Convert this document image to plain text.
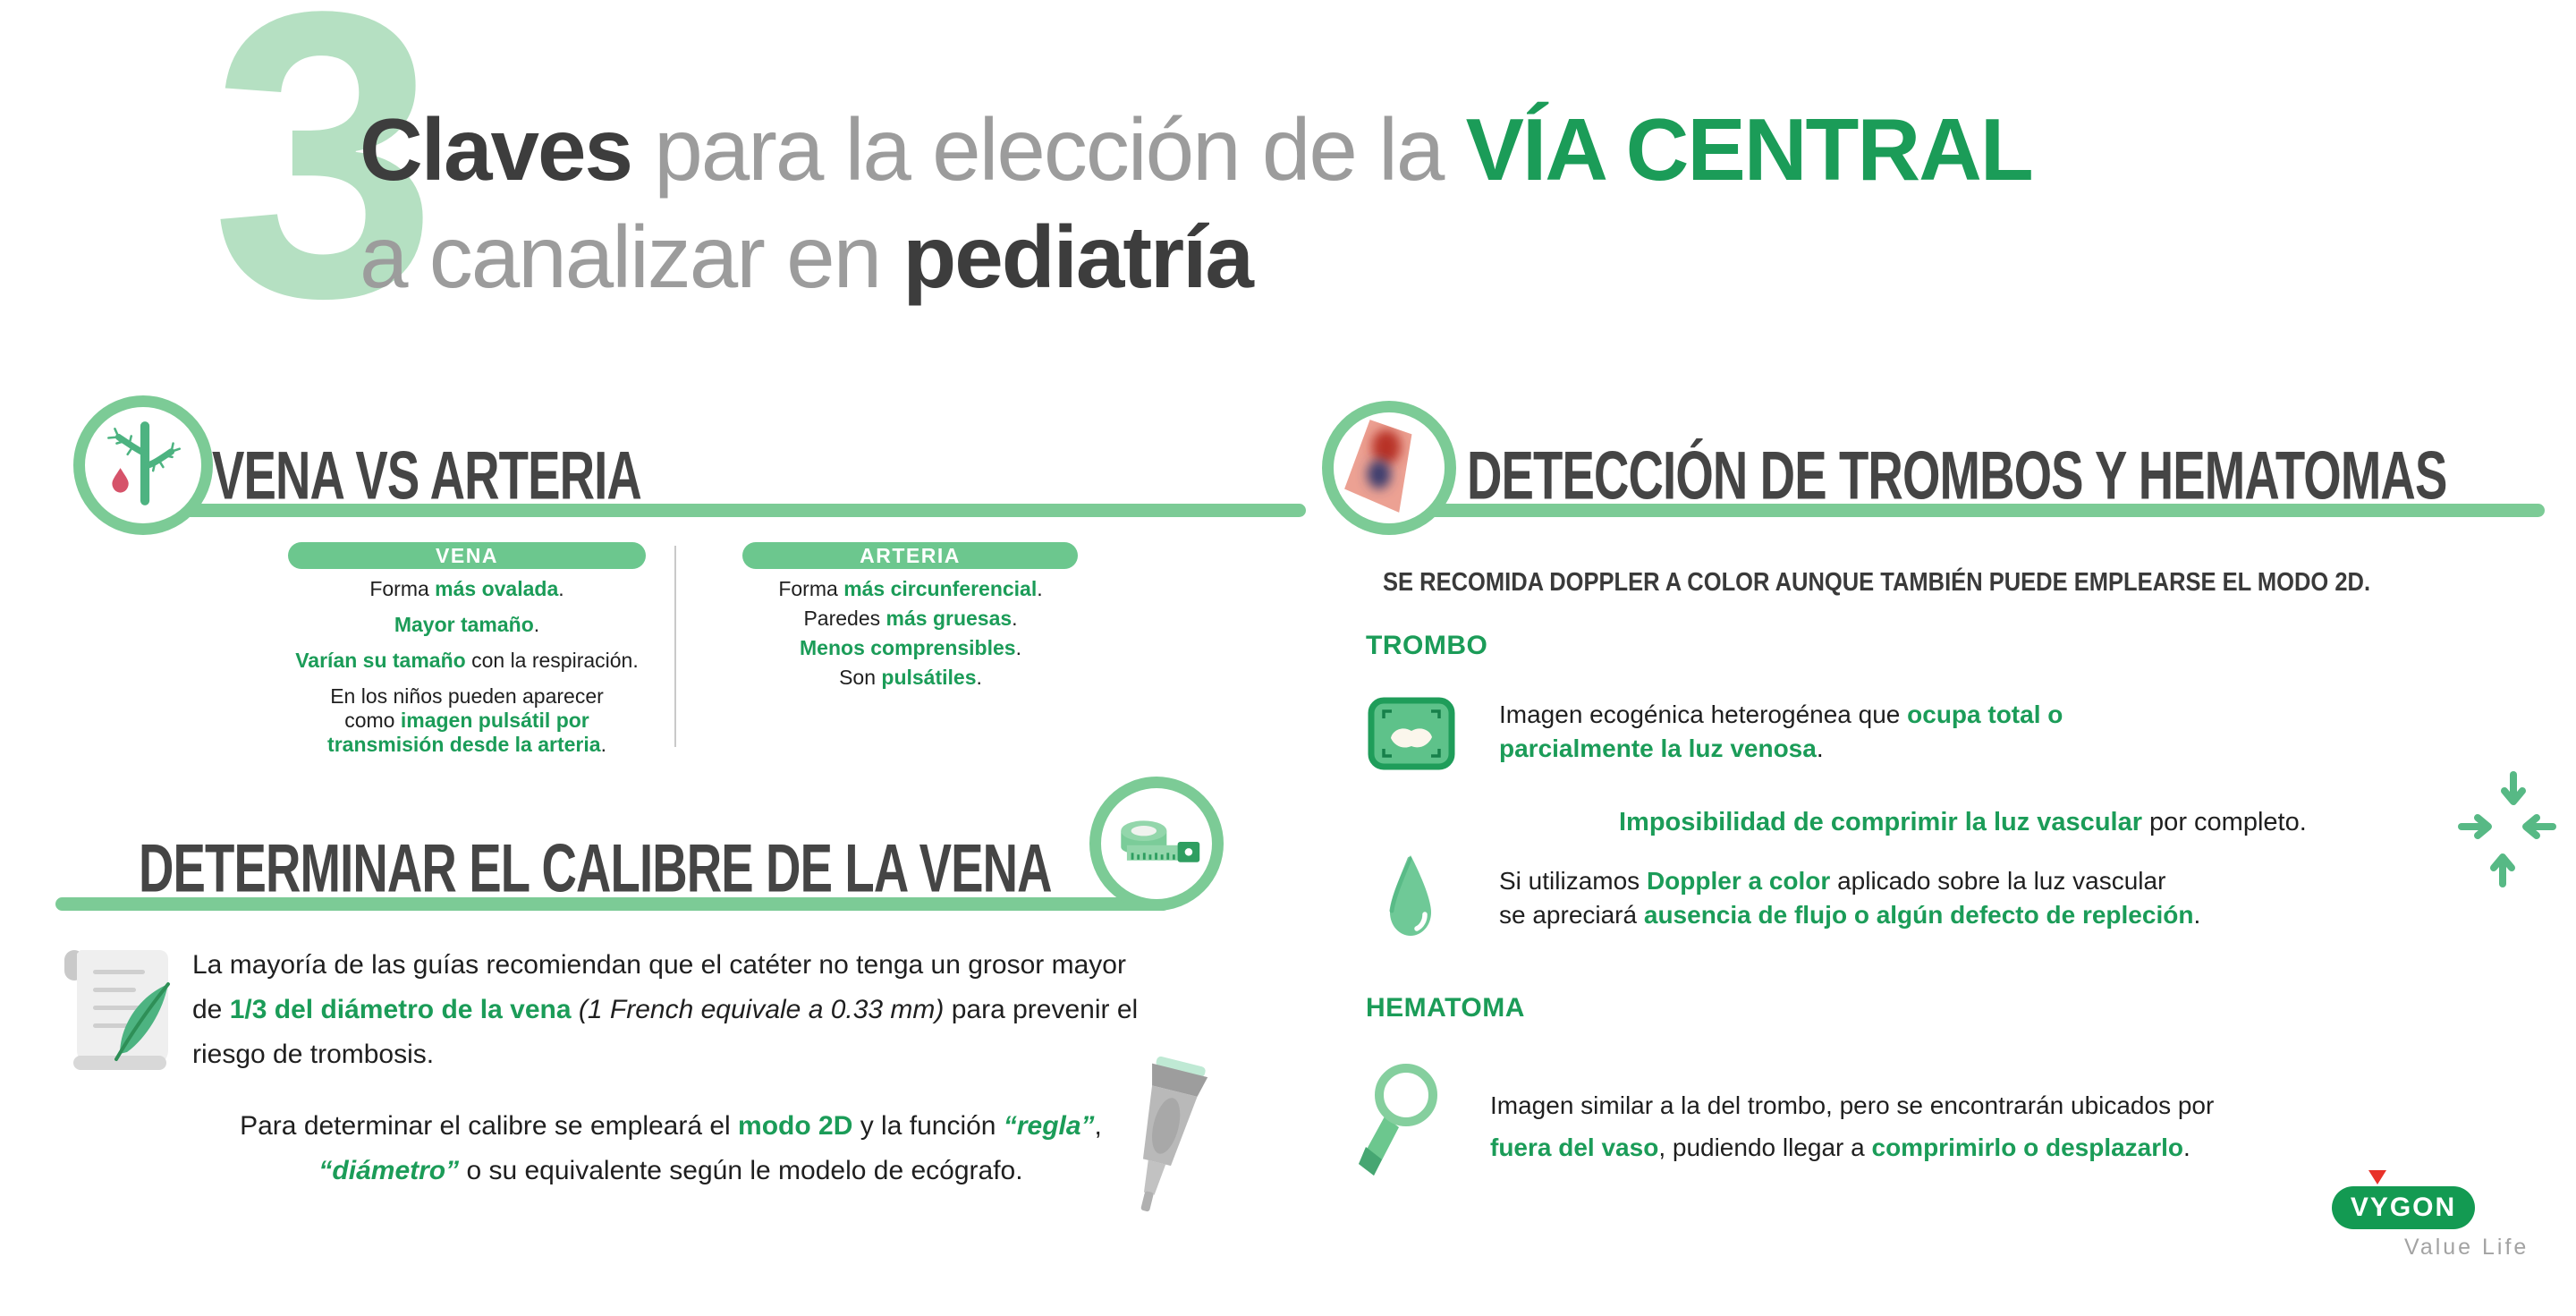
3
Claves para la elección de la VÍA CENTRAL
a canalizar en pediatría
VENA VS ARTERIA
VENA

Forma más ovalada.

Mayor tamaño.

Varían su tamaño con la respiración.

En los niños pueden aparecer
como imagen pulsátil por
transmisión desde la arteria.

ARTERIA

Forma más circunferencial.

Paredes más gruesas.

Menos comprensibles.

Son pulsátiles.

DETERMINAR EL CALIBRE DE LA VENA
La mayoría de las guías recomiendan que el catéter no tenga un grosor mayor
de 1/3 del diámetro de la vena (1 French equivale a 0.33 mm) para prevenir el
riesgo de trombosis.
Para determinar el calibre se empleará el modo 2D y la función “regla”,
“diámetro” o su equivalente según le modelo de ecógrafo.
DETECCIÓN DE TROMBOS Y HEMATOMAS
SE RECOMIDA DOPPLER A COLOR AUNQUE TAMBIÉN PUEDE EMPLEARSE EL MODO 2D.
TROMBO
Imagen ecogénica heterogénea que ocupa total o
parcialmente la luz venosa.
Imposibilidad de comprimir la luz vascular por completo.
Si utilizamos Doppler a color aplicado sobre la luz vascular
se apreciará ausencia de flujo o algún defecto de repleción.
HEMATOMA
Imagen similar a la del trombo, pero se encontrarán ubicados por
fuera del vaso, pudiendo llegar a comprimirlo o desplazarlo.
VYGON
Value Life
